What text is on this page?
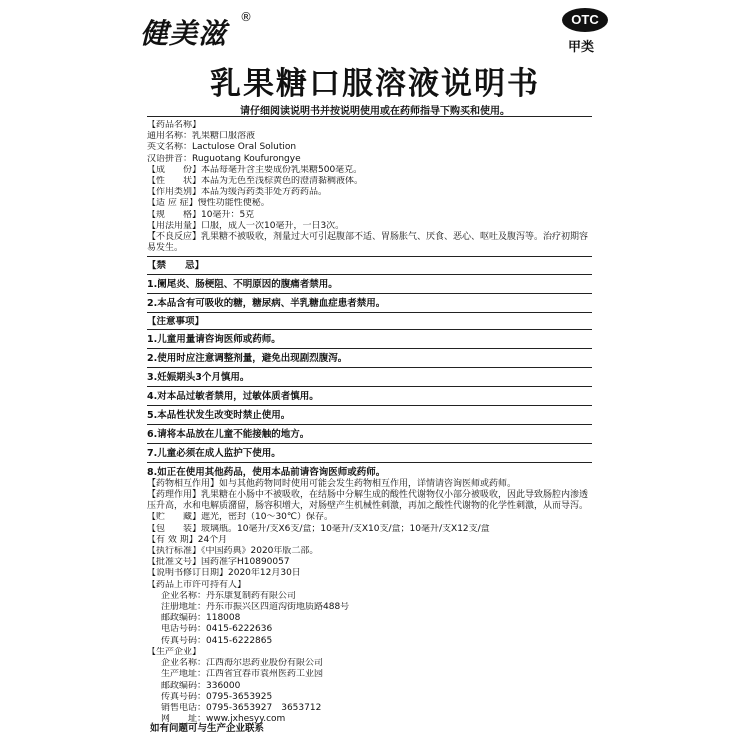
健美滋 ®	OTC
甲类
乳果糖口服溶液说明书
请仔细阅读说明书并按说明使用或在药师指导下购买和使用。
【药品名称】
通用名称：乳果糖口服溶液
英文名称：Lactulose Oral Solution
汉语拼音：Ruguotang Koufurongye
【成　　份】本品每毫升含主要成份乳果糖500毫克。
【性　　状】本品为无色至浅棕黄色的澄清黏稠液体。
【作用类别】本品为缓泻药类非处方药药品。
【适 应 症】慢性功能性便秘。
【规　　格】10毫升：5克
【用法用量】口服，成人一次10毫升，一日3次。
【不良反应】乳果糖不被吸收，剂量过大可引起腹部不适、胃肠胀气、厌食、恶心、呕吐及腹泻等。治疗初期容易发生。
【禁　　忌】
1.阑尾炎、肠梗阻、不明原因的腹痛者禁用。
2.本品含有可吸收的糖，糖尿病、半乳糖血症患者禁用。
【注意事项】
1.儿童用量请咨询医师或药师。
2.使用时应注意调整剂量，避免出现剧烈腹泻。
3.妊娠期头3个月慎用。
4.对本品过敏者禁用，过敏体质者慎用。
5.本品性状发生改变时禁止使用。
6.请将本品放在儿童不能接触的地方。
7.儿童必须在成人监护下使用。
8.如正在使用其他药品，使用本品前请咨询医师或药师。
【药物相互作用】如与其他药物同时使用可能会发生药物相互作用，详情请咨询医师或药师。
【药理作用】乳果糖在小肠中不被吸收，在结肠中分解生成的酸性代谢物仅小部分被吸收，因此导致肠腔内渗透压升高，水和电解质潴留，肠容积增大，对肠壁产生机械性刺激，再加之酸性代谢物的化学性刺激，从而导泻。
【贮　　藏】遮光，密封（10～30℃）保存。
【包　　装】玻璃瓶。10毫升/支X6支/盒；10毫升/支X10支/盒；10毫升/支X12支/盒
【有 效 期】24个月
【执行标准】《中国药典》2020年版二部。
【批准文号】国药准字H10890057
【说明书修订日期】2020年12月30日
【药品上市许可持有人】
企业名称：丹东康复制药有限公司
注册地址：丹东市振兴区四道沟街地质路488号
邮政编码：118008
电话号码：0415-6222636
传真号码：0415-6222865
【生产企业】
企业名称：江西海尔思药业股份有限公司
生产地址：江西省宜春市袁州医药工业园
邮政编码：336000
传真号码：0795-3653925
销售电话：0795-3653927　3653712
网　　址：www.jxhesyy.com
如有问题可与生产企业联系
